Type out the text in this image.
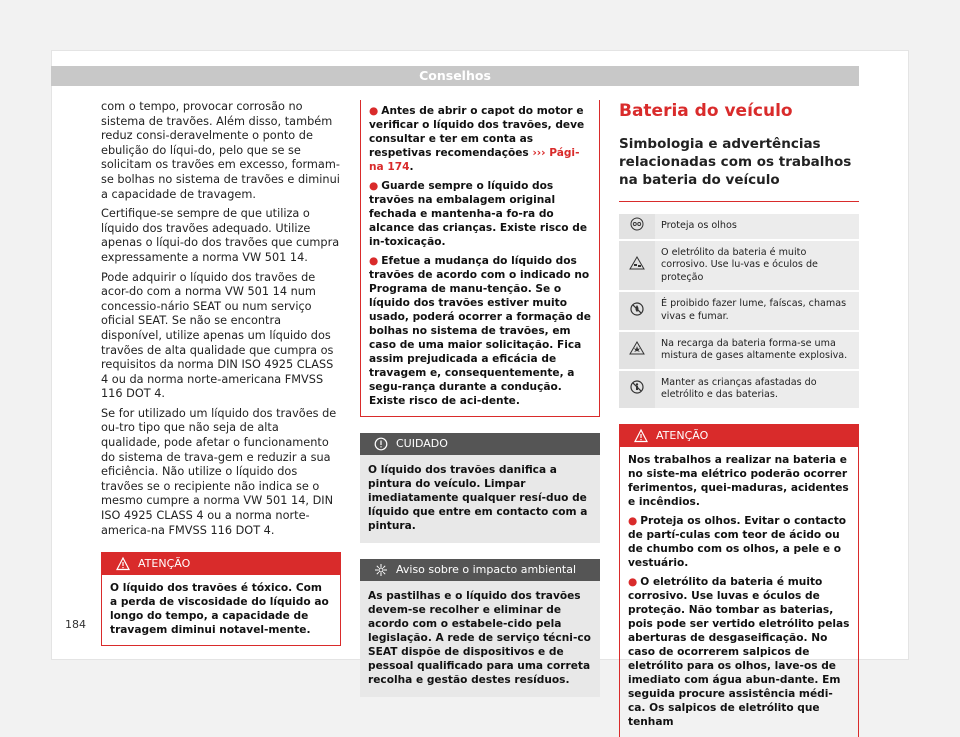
Conselhos

com o tempo, provocar corrosão no sistema de travões. Além disso, também reduz consi-deravelmente o ponto de ebulição do líqui-do, pelo que se se solicitam os travões em excesso, formam-se bolhas no sistema de travões e diminui a capacidade de travagem.

Certifique-se sempre de que utiliza o líquido dos travões adequado. Utilize apenas o líqui-do dos travões que cumpra expressamente a norma VW 501 14.

Pode adquirir o líquido dos travões de acor-do com a norma VW 501 14 num concessio-nário SEAT ou num serviço oficial SEAT. Se não se encontra disponível, utilize apenas um líquido dos travões de alta qualidade que cumpra os requisitos da norma DIN ISO 4925 CLASS 4 ou da norma norte-americana FMVSS 116 DOT 4.

Se for utilizado um líquido dos travões de ou-tro tipo que não seja de alta qualidade, pode afetar o funcionamento do sistema de trava-gem e reduzir a sua eficiência. Não utilize o líquido dos travões se o recipiente não indica se o mesmo cumpre a norma VW 501 14, DIN ISO 4925 CLASS 4 ou a norma norte-america-na FMVSS 116 DOT 4.

ATENÇÃO
O líquido dos travões é tóxico. Com a perda de viscosidade do líquido ao longo do tempo, a capacidade de travagem diminui notavel-mente.
● Antes de abrir o capot do motor e verificar o líquido dos travões, deve consultar e ter em conta as respetivas recomendações ››› Pági-na 174.
● Guarde sempre o líquido dos travões na embalagem original fechada e mantenha-a fo-ra do alcance das crianças. Existe risco de in-toxicação.
● Efetue a mudança do líquido dos travões de acordo com o indicado no Programa de manu-tenção. Se o líquido dos travões estiver muito usado, poderá ocorrer a formação de bolhas no sistema de travões, em caso de uma maior solicitação. Fica assim prejudicada a eficácia de travagem e, consequentemente, a segu-rança durante a condução. Existe risco de aci-dente.
CUIDADO
O líquido dos travões danifica a pintura do veículo. Limpar imediatamente qualquer resí-duo de líquido que entre em contacto com a pintura.
Aviso sobre o impacto ambiental
As pastilhas e o líquido dos travões devem-se recolher e eliminar de acordo com o estabele-cido pela legislação. A rede de serviço técni-co SEAT dispõe de dispositivos e de pessoal qualificado para uma correta recolha e gestão destes resíduos.
Bateria do veículo
Simbologia e advertências relacionadas com os trabalhos na bateria do veículo
	Proteja os olhos
	O eletrólito da bateria é muito corrosivo. Use lu-vas e óculos de proteção
	É proibido fazer lume, faíscas, chamas vivas e fumar.
	Na recarga da bateria forma-se uma mistura de gases altamente explosiva.
	Manter as crianças afastadas do eletrólito e das baterias.
ATENÇÃO
Nos trabalhos a realizar na bateria e no siste-ma elétrico poderão ocorrer ferimentos, quei-maduras, acidentes e incêndios.
● Proteja os olhos. Evitar o contacto de partí-culas com teor de ácido ou de chumbo com os olhos, a pele e o vestuário.
● O eletrólito da bateria é muito corrosivo. Use luvas e óculos de proteção. Não tombar as baterias, pois pode ser vertido eletrólito pelas aberturas de desgaseificação. No caso de ocorrerem salpicos de eletrólito para os olhos, lave-os de imediato com água abun-dante. Em seguida procure assistência médi-ca. Os salpicos de eletrólito que tenham
184
